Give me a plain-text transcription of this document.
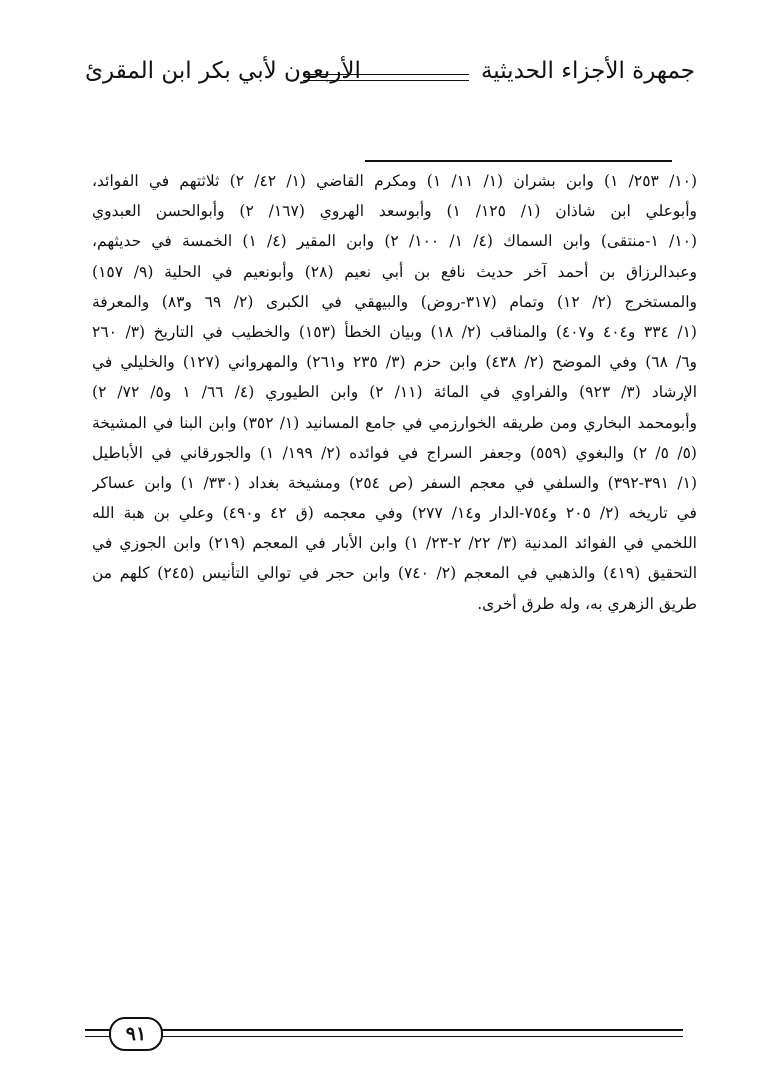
جمهرة الأجزاء الحديثية
الأربعون لأبي بكر ابن المقرئ
(١٠/ ٢٥٣/ ١) وابن بشران (١/ ١١/ ١) ومكرم القاضي (١/ ٤٢/ ٢) ثلاثتهم في الفوائد،
وأبوعلي ابن شاذان (١/ ١٢٥/ ١) وأبوسعد الهروي (١٦٧/ ٢) وأبوالحسن العبدوي
(١٠/ ١-منتقى) وابن السماك (٤/ ١/ ١٠٠/ ٢) وابن المقير (٤/ ١) الخمسة في حديثهم،
وعبدالرزاق بن أحمد آخر حديث نافع بن أبي نعيم (٢٨) وأبونعيم في الحلية (٩/ ١٥٧)
والمستخرج (٢/ ١٢) وتمام (٣١٧-روض) والبيهقي في الكبرى (٢/ ٦٩ و٨٣) والمعرفة
(١/ ٣٣٤ و٤٠٤ و٤٠٧) والمناقب (٢/ ١٨) وبيان الخطأ (١٥٣) والخطيب في التاريخ (٣/ ٢٦٠
و٦/ ٦٨) وفي الموضح (٢/ ٤٣٨) وابن حزم (٣/ ٢٣٥ و٢٦١) والمهرواني (١٢٧) والخليلي في
الإرشاد (٣/ ٩٢٣) والفراوي في المائة (١١/ ٢) وابن الطيوري (٤/ ٦٦/ ١ و٥/ ٧٢/ ٢)
وأبومحمد البخاري ومن طريقه الخوارزمي في جامع المسانيد (١/ ٣٥٢) وابن البنا في المشيخة
(٥/ ٥/ ٢) والبغوي (٥٥٩) وجعفر السراج في فوائده (٢/ ١٩٩/ ١) والجورقاني في الأباطيل
(١/ ٣٩١-٣٩٢) والسلفي في معجم السفر (ص ٢٥٤) ومشيخة بغداد (٣٣٠/ ١) وابن عساكر
في تاريخه (٢/ ٢٠٥ و٧٥٤-الدار و١٤/ ٢٧٧) وفي معجمه (ق ٤٢ و٤٩٠) وعلي بن هبة الله
اللخمي في الفوائد المدنية (٣/ ٢٢/ ٢-٢٣/ ١) وابن الأبار في المعجم (٢١٩) وابن الجوزي في
التحقيق (٤١٩) والذهبي في المعجم (٢/ ٧٤٠) وابن حجر في توالي التأنيس (٢٤٥) كلهم من
طريق الزهري به، وله طرق أخرى.
٩١
